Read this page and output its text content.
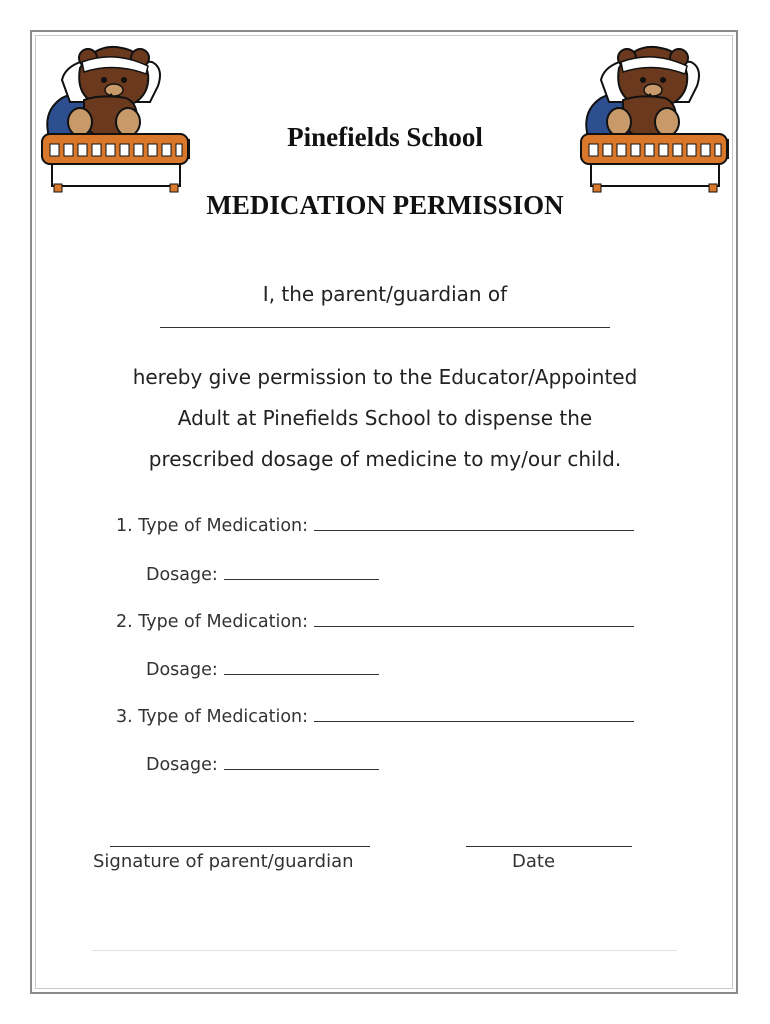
Pinefields School
MEDICATION PERMISSION
I, the parent/guardian of
hereby give permission to the Educator/Appointed
Adult at Pinefields School to dispense the
prescribed dosage of medicine to my/our child.
1. Type of Medication:
Dosage:
2. Type of Medication:
Dosage:
3. Type of Medication:
Dosage:
Signature of parent/guardian	Date
